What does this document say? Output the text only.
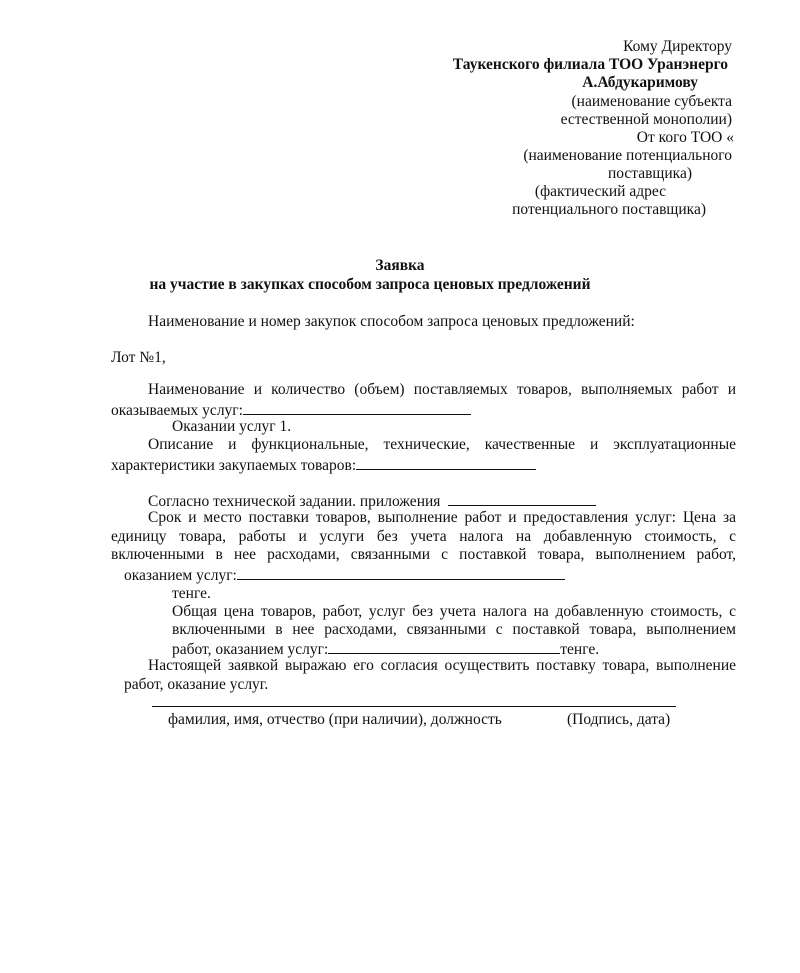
Кому Директору
Таукенского филиала ТОО Уранэнерго
А.Абдукаримову
(наименование субъекта
естественной монополии)
От кого ТОО «
(наименование потенциального
поставщика)
(фактический адрес
потенциального поставщика)
Заявка
на участие в закупках способом запроса ценовых предложений
Наименование и номер закупок способом запроса ценовых предложений:
Лот №1,
Наименование и количество (объем) поставляемых товаров, выполняемых работ и
оказываемых услуг:
Оказании услуг 1.
Описание и функциональные, технические, качественные и эксплуатационные
характеристики закупаемых товаров:
Согласно технической задании. приложения
Срок и место поставки товаров, выполнение работ и предоставления услуг: Цена за
единицу товара, работы и услуги без учета налога на добавленную стоимость, с
включенными в нее расходами, связанными с поставкой товара, выполнением работ,
оказанием услуг:
тенге.
Общая цена товаров, работ, услуг без учета налога на добавленную стоимость, с
включенными в нее расходами, связанными с поставкой товара, выполнением
работ, оказанием услуг:	тенге.
Настоящей заявкой выражаю его согласия осуществить поставку товара, выполнение
работ, оказание услуг.
фамилия, имя, отчество (при наличии), должность	(Подпись, дата)
